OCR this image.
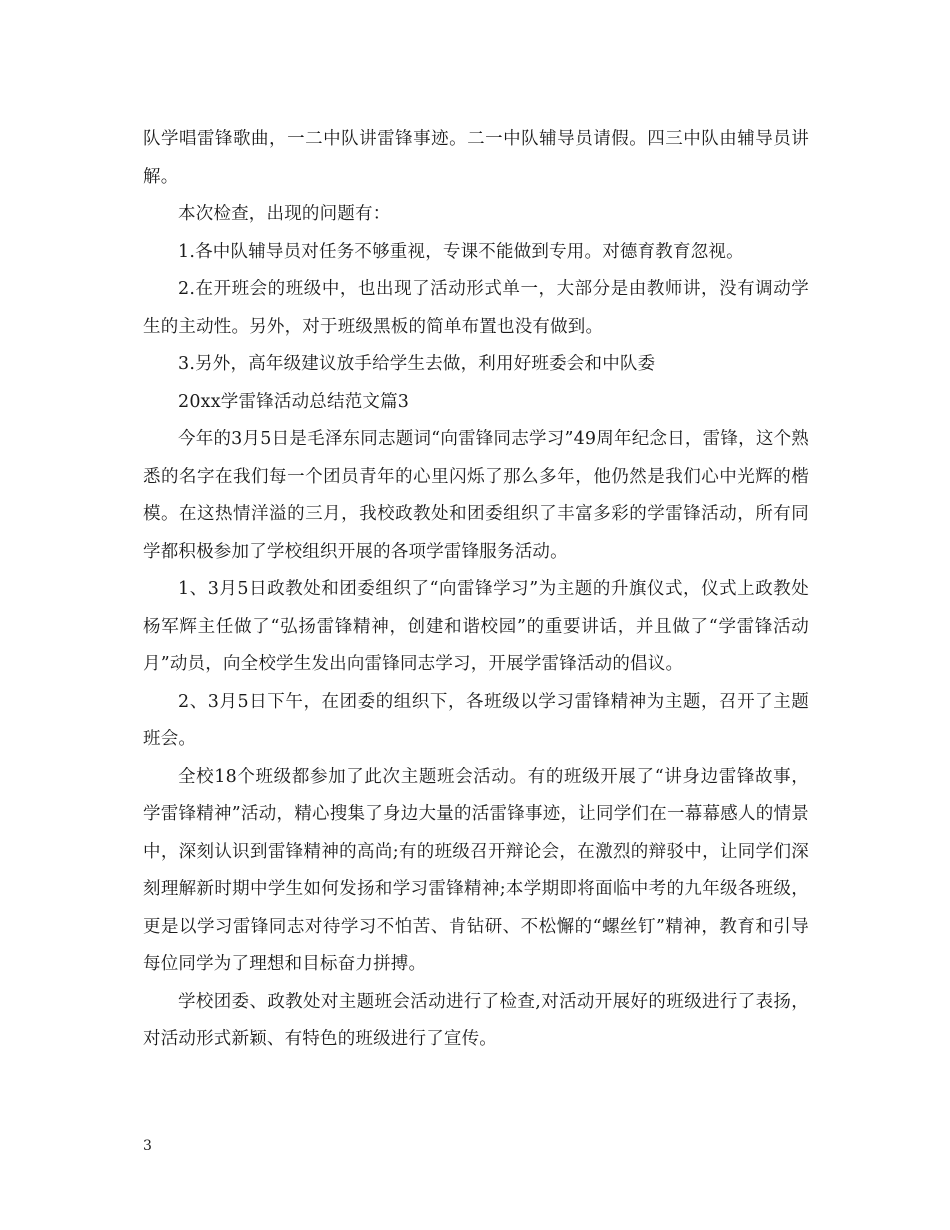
队学唱雷锋歌曲，一二中队讲雷锋事迹。二一中队辅导员请假。四三中队由辅导员讲解。

本次检查，出现的问题有：

1.各中队辅导员对任务不够重视，专课不能做到专用。对德育教育忽视。

2.在开班会的班级中，也出现了活动形式单一，大部分是由教师讲，没有调动学生的主动性。另外，对于班级黑板的简单布置也没有做到。

3.另外，高年级建议放手给学生去做，利用好班委会和中队委

20xx学雷锋活动总结范文篇3

今年的3月5日是毛泽东同志题词“向雷锋同志学习”49周年纪念日，雷锋，这个熟悉的名字在我们每一个团员青年的心里闪烁了那么多年，他仍然是我们心中光辉的楷模。在这热情洋溢的三月，我校政教处和团委组织了丰富多彩的学雷锋活动，所有同学都积极参加了学校组织开展的各项学雷锋服务活动。

1、3月5日政教处和团委组织了“向雷锋学习”为主题的升旗仪式，仪式上政教处杨军辉主任做了“弘扬雷锋精神，创建和谐校园”的重要讲话，并且做了“学雷锋活动月”动员，向全校学生发出向雷锋同志学习，开展学雷锋活动的倡议。

2、3月5日下午，在团委的组织下，各班级以学习雷锋精神为主题，召开了主题班会。

全校18个班级都参加了此次主题班会活动。有的班级开展了“讲身边雷锋故事，学雷锋精神”活动，精心搜集了身边大量的活雷锋事迹，让同学们在一幕幕感人的情景中，深刻认识到雷锋精神的高尚;有的班级召开辩论会，在激烈的辩驳中，让同学们深刻理解新时期中学生如何发扬和学习雷锋精神;本学期即将面临中考的九年级各班级，更是以学习雷锋同志对待学习不怕苦、肯钻研、不松懈的“螺丝钉”精神，教育和引导每位同学为了理想和目标奋力拼搏。

学校团委、政教处对主题班会活动进行了检查,对活动开展好的班级进行了表扬，对活动形式新颖、有特色的班级进行了宣传。

3
